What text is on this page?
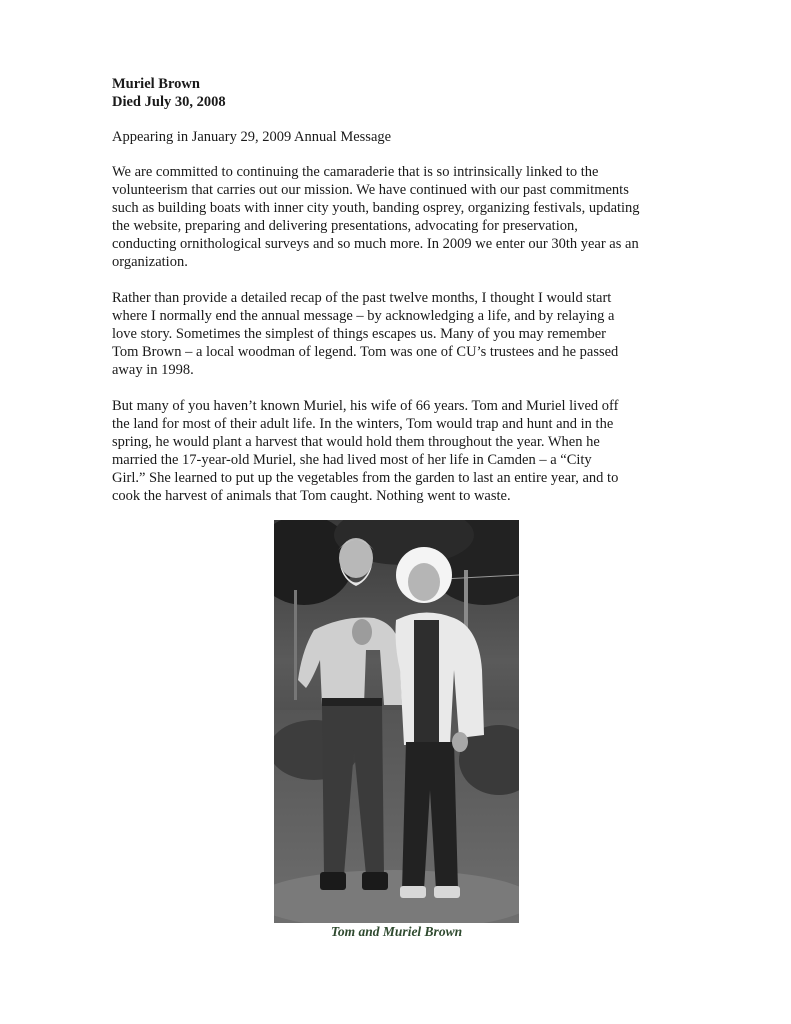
Muriel Brown
Died July 30, 2008
Appearing in January 29, 2009 Annual Message

We are committed to continuing the camaraderie that is so intrinsically linked to the
volunteerism that carries out our mission. We have continued with our past commitments
such as building boats with inner city youth, banding osprey, organizing festivals, updating
the website, preparing and delivering presentations, advocating for preservation,
conducting ornithological surveys and so much more. In 2009 we enter our 30th year as an
organization.

Rather than provide a detailed recap of the past twelve months, I thought I would start
where I normally end the annual message – by acknowledging a life, and by relaying a
love story. Sometimes the simplest of things escapes us. Many of you may remember
Tom Brown – a local woodman of legend. Tom was one of CU’s trustees and he passed
away in 1998.

But many of you haven’t known Muriel, his wife of 66 years. Tom and Muriel lived off
the land for most of their adult life. In the winters, Tom would trap and hunt and in the
spring, he would plant a harvest that would hold them throughout the year. When he
married the 17-year-old Muriel, she had lived most of her life in Camden – a “City
Girl.” She learned to put up the vegetables from the garden to last an entire year, and to
cook the harvest of animals that Tom caught. Nothing went to waste.

Tom and Muriel Brown
